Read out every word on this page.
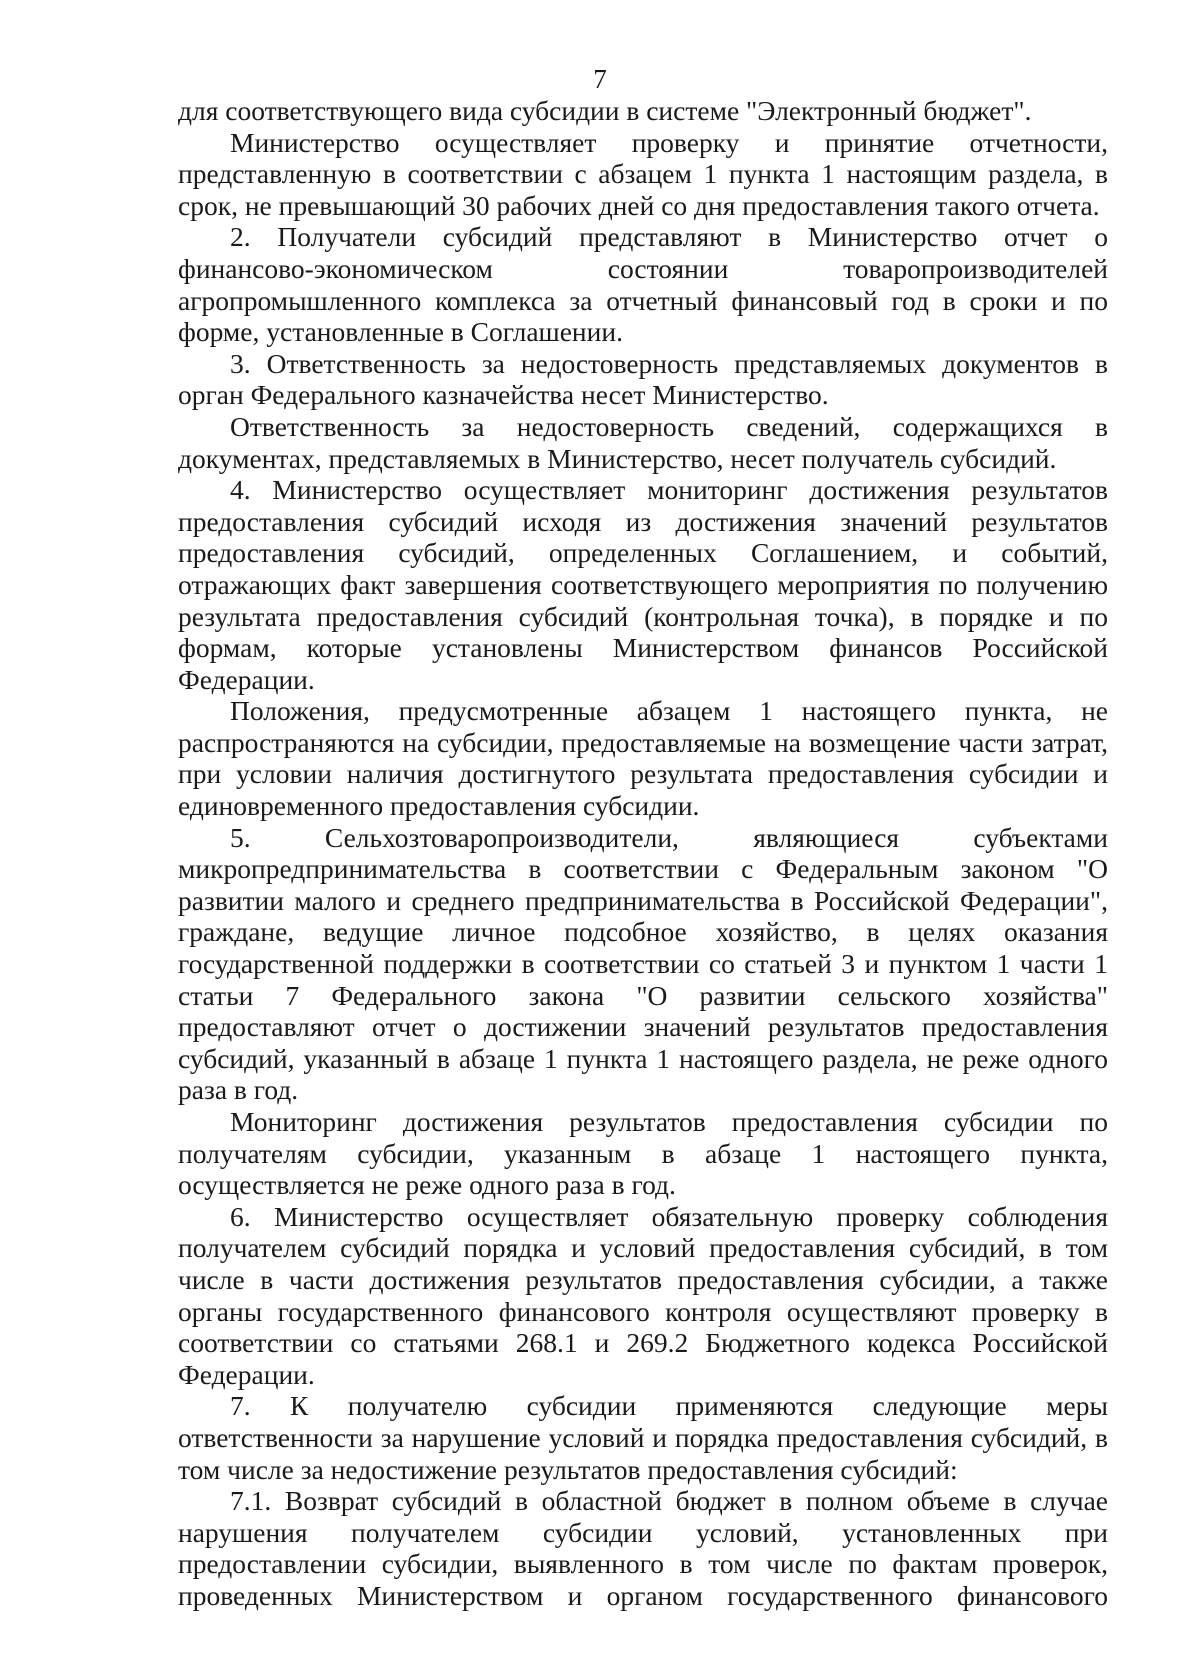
7

для соответствующего вида субсидии в системе "Электронный бюджет".

Министерство осуществляет проверку и принятие отчетности, представленную в соответствии с абзацем 1 пункта 1 настоящим раздела, в срок, не превышающий 30 рабочих дней со дня предоставления такого отчета.

2. Получатели субсидий представляют в Министерство отчет о финансово-экономическом состоянии товаропроизводителей агропромышленного комплекса за отчетный финансовый год в сроки и по форме, установленные в Соглашении.

3. Ответственность за недостоверность представляемых документов в орган Федерального казначейства несет Министерство.

Ответственность за недостоверность сведений, содержащихся в документах, представляемых в Министерство, несет получатель субсидий.

4. Министерство осуществляет мониторинг достижения результатов предоставления субсидий исходя из достижения значений результатов предоставления субсидий, определенных Соглашением, и событий, отражающих факт завершения соответствующего мероприятия по получению результата предоставления субсидий (контрольная точка), в порядке и по формам, которые установлены Министерством финансов Российской Федерации.

Положения, предусмотренные абзацем 1 настоящего пункта, не распространяются на субсидии, предоставляемые на возмещение части затрат, при условии наличия достигнутого результата предоставления субсидии и единовременного предоставления субсидии.

5. Сельхозтоваропроизводители, являющиеся субъектами микропредпринимательства в соответствии с Федеральным законом "О развитии малого и среднего предпринимательства в Российской Федерации", граждане, ведущие личное подсобное хозяйство, в целях оказания государственной поддержки в соответствии со статьей 3 и пунктом 1 части 1 статьи 7 Федерального закона "О развитии сельского хозяйства" предоставляют отчет о достижении значений результатов предоставления субсидий, указанный в абзаце 1 пункта 1 настоящего раздела, не реже одного раза в год.

Мониторинг достижения результатов предоставления субсидии по получателям субсидии, указанным в абзаце 1 настоящего пункта, осуществляется не реже одного раза в год.

6. Министерство осуществляет обязательную проверку соблюдения получателем субсидий порядка и условий предоставления субсидий, в том числе в части достижения результатов предоставления субсидии, а также органы государственного финансового контроля осуществляют проверку в соответствии со статьями 268.1 и 269.2 Бюджетного кодекса Российской Федерации.

7. К получателю субсидии применяются следующие меры ответственности за нарушение условий и порядка предоставления субсидий, в том числе за недостижение результатов предоставления субсидий:

7.1. Возврат субсидий в областной бюджет в полном объеме в случае нарушения получателем субсидии условий, установленных при предоставлении субсидии, выявленного в том числе по фактам проверок, проведенных Министерством и органом государственного финансового
